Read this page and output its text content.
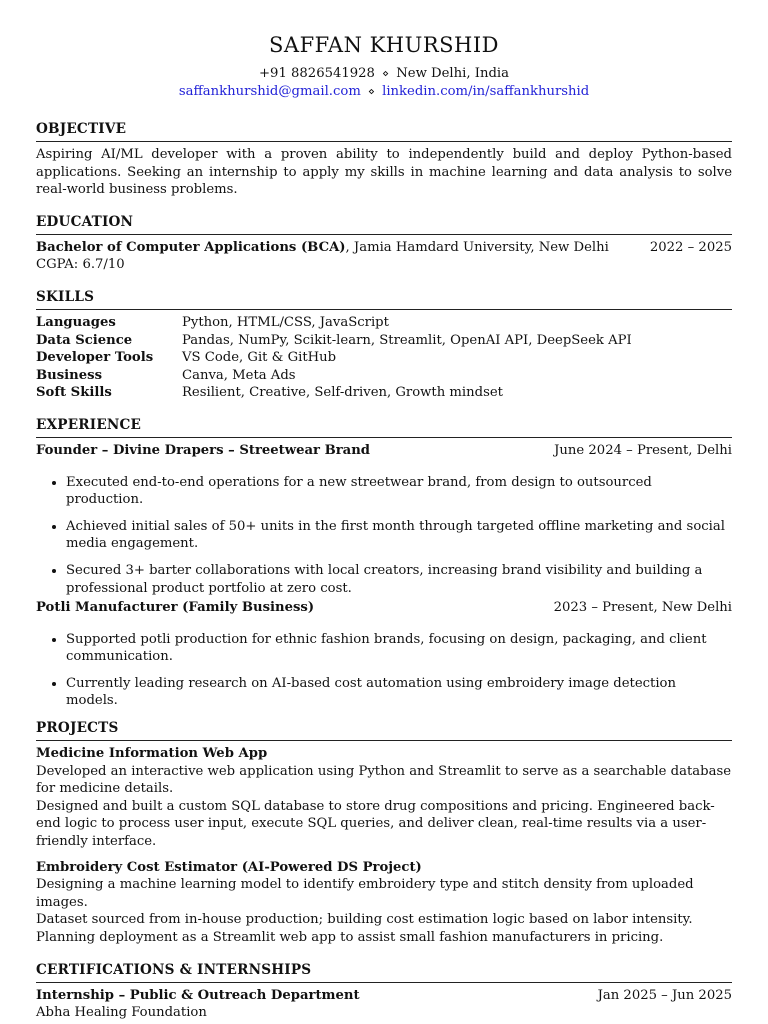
SAFFAN KHURSHID
+91 8826541928 ⋄ New Delhi, India
saffankhurshid@gmail.com ⋄ linkedin.com/in/saffankhurshid
OBJECTIVE
Aspiring AI/ML developer with a proven ability to independently build and deploy Python-based applications. Seeking an internship to apply my skills in machine learning and data analysis to solve real-world business problems.
EDUCATION
Bachelor of Computer Applications (BCA), Jamia Hamdard University, New Delhi	2022 – 2025
CGPA: 6.7/10
SKILLS
Languages	Python, HTML/CSS, JavaScript
Data Science	Pandas, NumPy, Scikit-learn, Streamlit, OpenAI API, DeepSeek API
Developer Tools	VS Code, Git & GitHub
Business	Canva, Meta Ads
Soft Skills	Resilient, Creative, Self-driven, Growth mindset
EXPERIENCE
Founder – Divine Drapers – Streetwear Brand	June 2024 – Present, Delhi
• Executed end-to-end operations for a new streetwear brand, from design to outsourced production.
• Achieved initial sales of 50+ units in the first month through targeted offline marketing and social media engagement.
• Secured 3+ barter collaborations with local creators, increasing brand visibility and building a professional product portfolio at zero cost.
Potli Manufacturer (Family Business)	2023 – Present, New Delhi
• Supported potli production for ethnic fashion brands, focusing on design, packaging, and client communication.
• Currently leading research on AI-based cost automation using embroidery image detection models.
PROJECTS
Medicine Information Web App
Developed an interactive web application using Python and Streamlit to serve as a searchable database for medicine details.
Designed and built a custom SQL database to store drug compositions and pricing. Engineered back-end logic to process user input, execute SQL queries, and deliver clean, real-time results via a user-friendly interface.
Embroidery Cost Estimator (AI-Powered DS Project)
Designing a machine learning model to identify embroidery type and stitch density from uploaded images.
Dataset sourced from in-house production; building cost estimation logic based on labor intensity.
Planning deployment as a Streamlit web app to assist small fashion manufacturers in pricing.
CERTIFICATIONS & INTERNSHIPS
Internship – Public & Outreach Department	Jan 2025 – Jun 2025
Abha Healing Foundation
